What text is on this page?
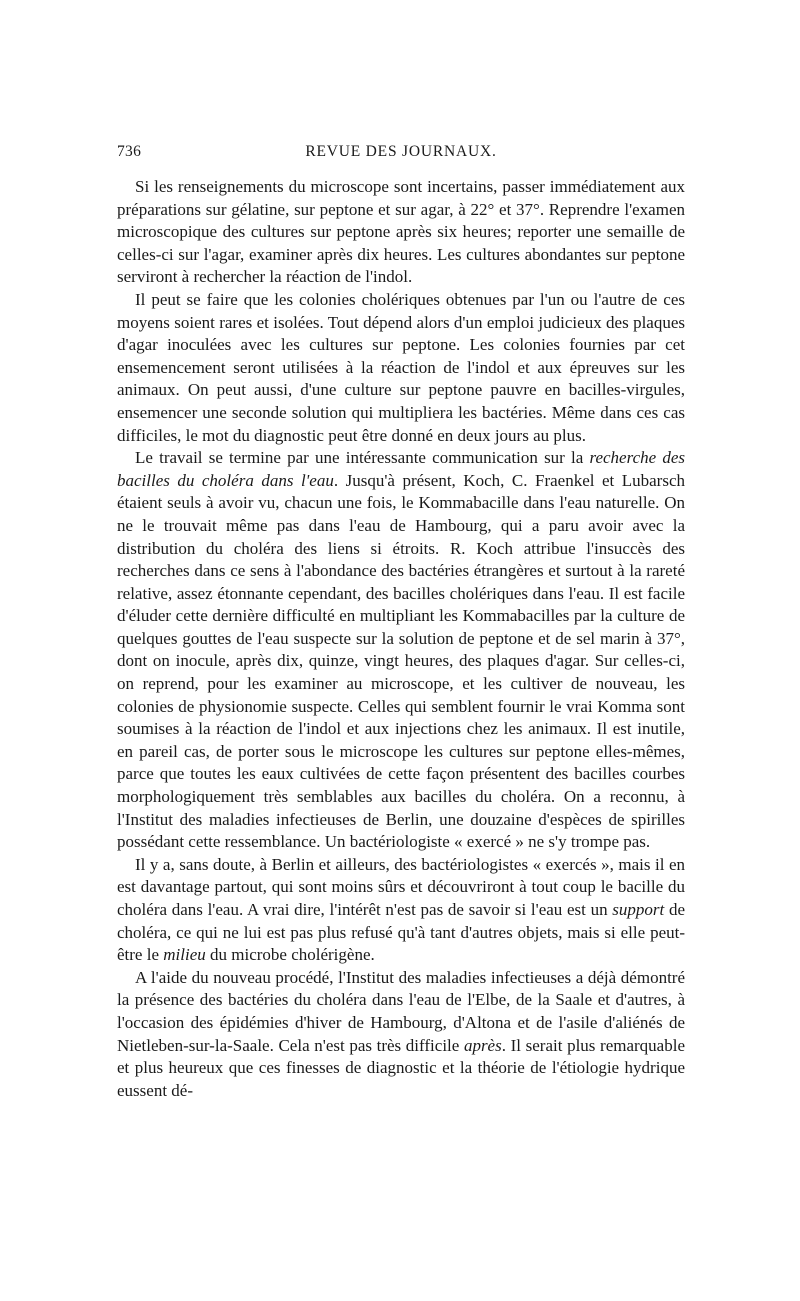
736	REVUE DES JOURNAUX.

Si les renseignements du microscope sont incertains, passer immédiatement aux préparations sur gélatine, sur peptone et sur agar, à 22° et 37°. Reprendre l'examen microscopique des cultures sur peptone après six heures; reporter une semaille de celles-ci sur l'agar, examiner après dix heures. Les cultures abondantes sur peptone serviront à rechercher la réaction de l'indol.

Il peut se faire que les colonies cholériques obtenues par l'un ou l'autre de ces moyens soient rares et isolées. Tout dépend alors d'un emploi judicieux des plaques d'agar inoculées avec les cultures sur peptone. Les colonies fournies par cet ensemencement seront utilisées à la réaction de l'indol et aux épreuves sur les animaux. On peut aussi, d'une culture sur peptone pauvre en bacilles-virgules, ensemencer une seconde solution qui multipliera les bactéries. Même dans ces cas difficiles, le mot du diagnostic peut être donné en deux jours au plus.

Le travail se termine par une intéressante communication sur la recherche des bacilles du choléra dans l'eau. Jusqu'à présent, Koch, C. Fraenkel et Lubarsch étaient seuls à avoir vu, chacun une fois, le Kommabacille dans l'eau naturelle. On ne le trouvait même pas dans l'eau de Hambourg, qui a paru avoir avec la distribution du choléra des liens si étroits. R. Koch attribue l'insuccès des recherches dans ce sens à l'abondance des bactéries étrangères et surtout à la rareté relative, assez étonnante cependant, des bacilles cholériques dans l'eau. Il est facile d'éluder cette dernière difficulté en multipliant les Kommabacilles par la culture de quelques gouttes de l'eau suspecte sur la solution de peptone et de sel marin à 37°, dont on inocule, après dix, quinze, vingt heures, des plaques d'agar. Sur celles-ci, on reprend, pour les examiner au microscope, et les cultiver de nouveau, les colonies de physionomie suspecte. Celles qui semblent fournir le vrai Komma sont soumises à la réaction de l'indol et aux injections chez les animaux. Il est inutile, en pareil cas, de porter sous le microscope les cultures sur peptone elles-mêmes, parce que toutes les eaux cultivées de cette façon présentent des bacilles courbes morphologiquement très semblables aux bacilles du choléra. On a reconnu, à l'Institut des maladies infectieuses de Berlin, une douzaine d'espèces de spirilles possédant cette ressemblance. Un bactériologiste « exercé » ne s'y trompe pas.

Il y a, sans doute, à Berlin et ailleurs, des bactériologistes « exercés », mais il en est davantage partout, qui sont moins sûrs et découvriront à tout coup le bacille du choléra dans l'eau. A vrai dire, l'intérêt n'est pas de savoir si l'eau est un support de choléra, ce qui ne lui est pas plus refusé qu'à tant d'autres objets, mais si elle peut-être le milieu du microbe cholérigène.

A l'aide du nouveau procédé, l'Institut des maladies infectieuses a déjà démontré la présence des bactéries du choléra dans l'eau de l'Elbe, de la Saale et d'autres, à l'occasion des épidémies d'hiver de Hambourg, d'Altona et de l'asile d'aliénés de Nietleben-sur-la-Saale. Cela n'est pas très difficile après. Il serait plus remarquable et plus heureux que ces finesses de diagnostic et la théorie de l'étiologie hydrique eussent dé-
